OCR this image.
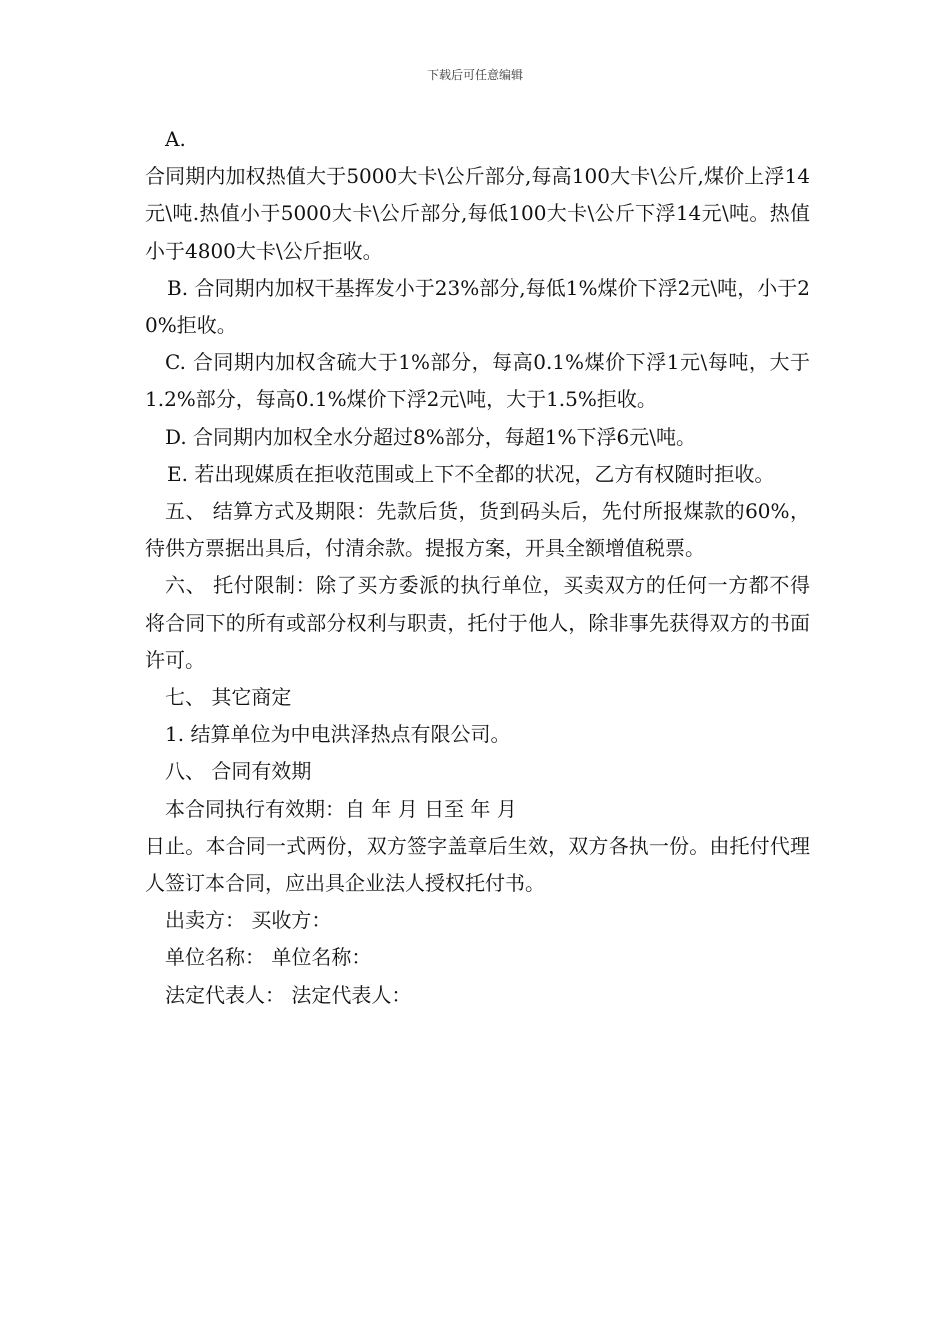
下载后可任意编辑

A.

合同期内加权热值大于5000大卡\公斤部分,每高100大卡\公斤,煤价上浮14元\吨.热值小于5000大卡\公斤部分,每低100大卡\公斤下浮14元\吨。热值小于4800大卡\公斤拒收。

B. 合同期内加权干基挥发小于23%部分,每低1%煤价下浮2元\吨，小于20%拒收。

C. 合同期内加权含硫大于1%部分，每高0.1%煤价下浮1元\每吨，大于1.2%部分，每高0.1%煤价下浮2元\吨，大于1.5%拒收。

D. 合同期内加权全水分超过8%部分，每超1%下浮6元\吨。

E. 若出现媒质在拒收范围或上下不全都的状况，乙方有权随时拒收。

五、 结算方式及期限：先款后货，货到码头后，先付所报煤款的60%，待供方票据出具后，付清余款。提报方案，开具全额增值税票。

六、 托付限制：除了买方委派的执行单位，买卖双方的任何一方都不得将合同下的所有或部分权利与职责，托付于他人，除非事先获得双方的书面许可。

七、 其它商定

1. 结算单位为中电洪泽热点有限公司。

八、 合同有效期

本合同执行有效期：自 年 月 日至 年 月

日止。本合同一式两份，双方签字盖章后生效，双方各执一份。由托付代理人签订本合同，应出具企业法人授权托付书。

出卖方： 买收方：

单位名称： 单位名称：

法定代表人： 法定代表人：
